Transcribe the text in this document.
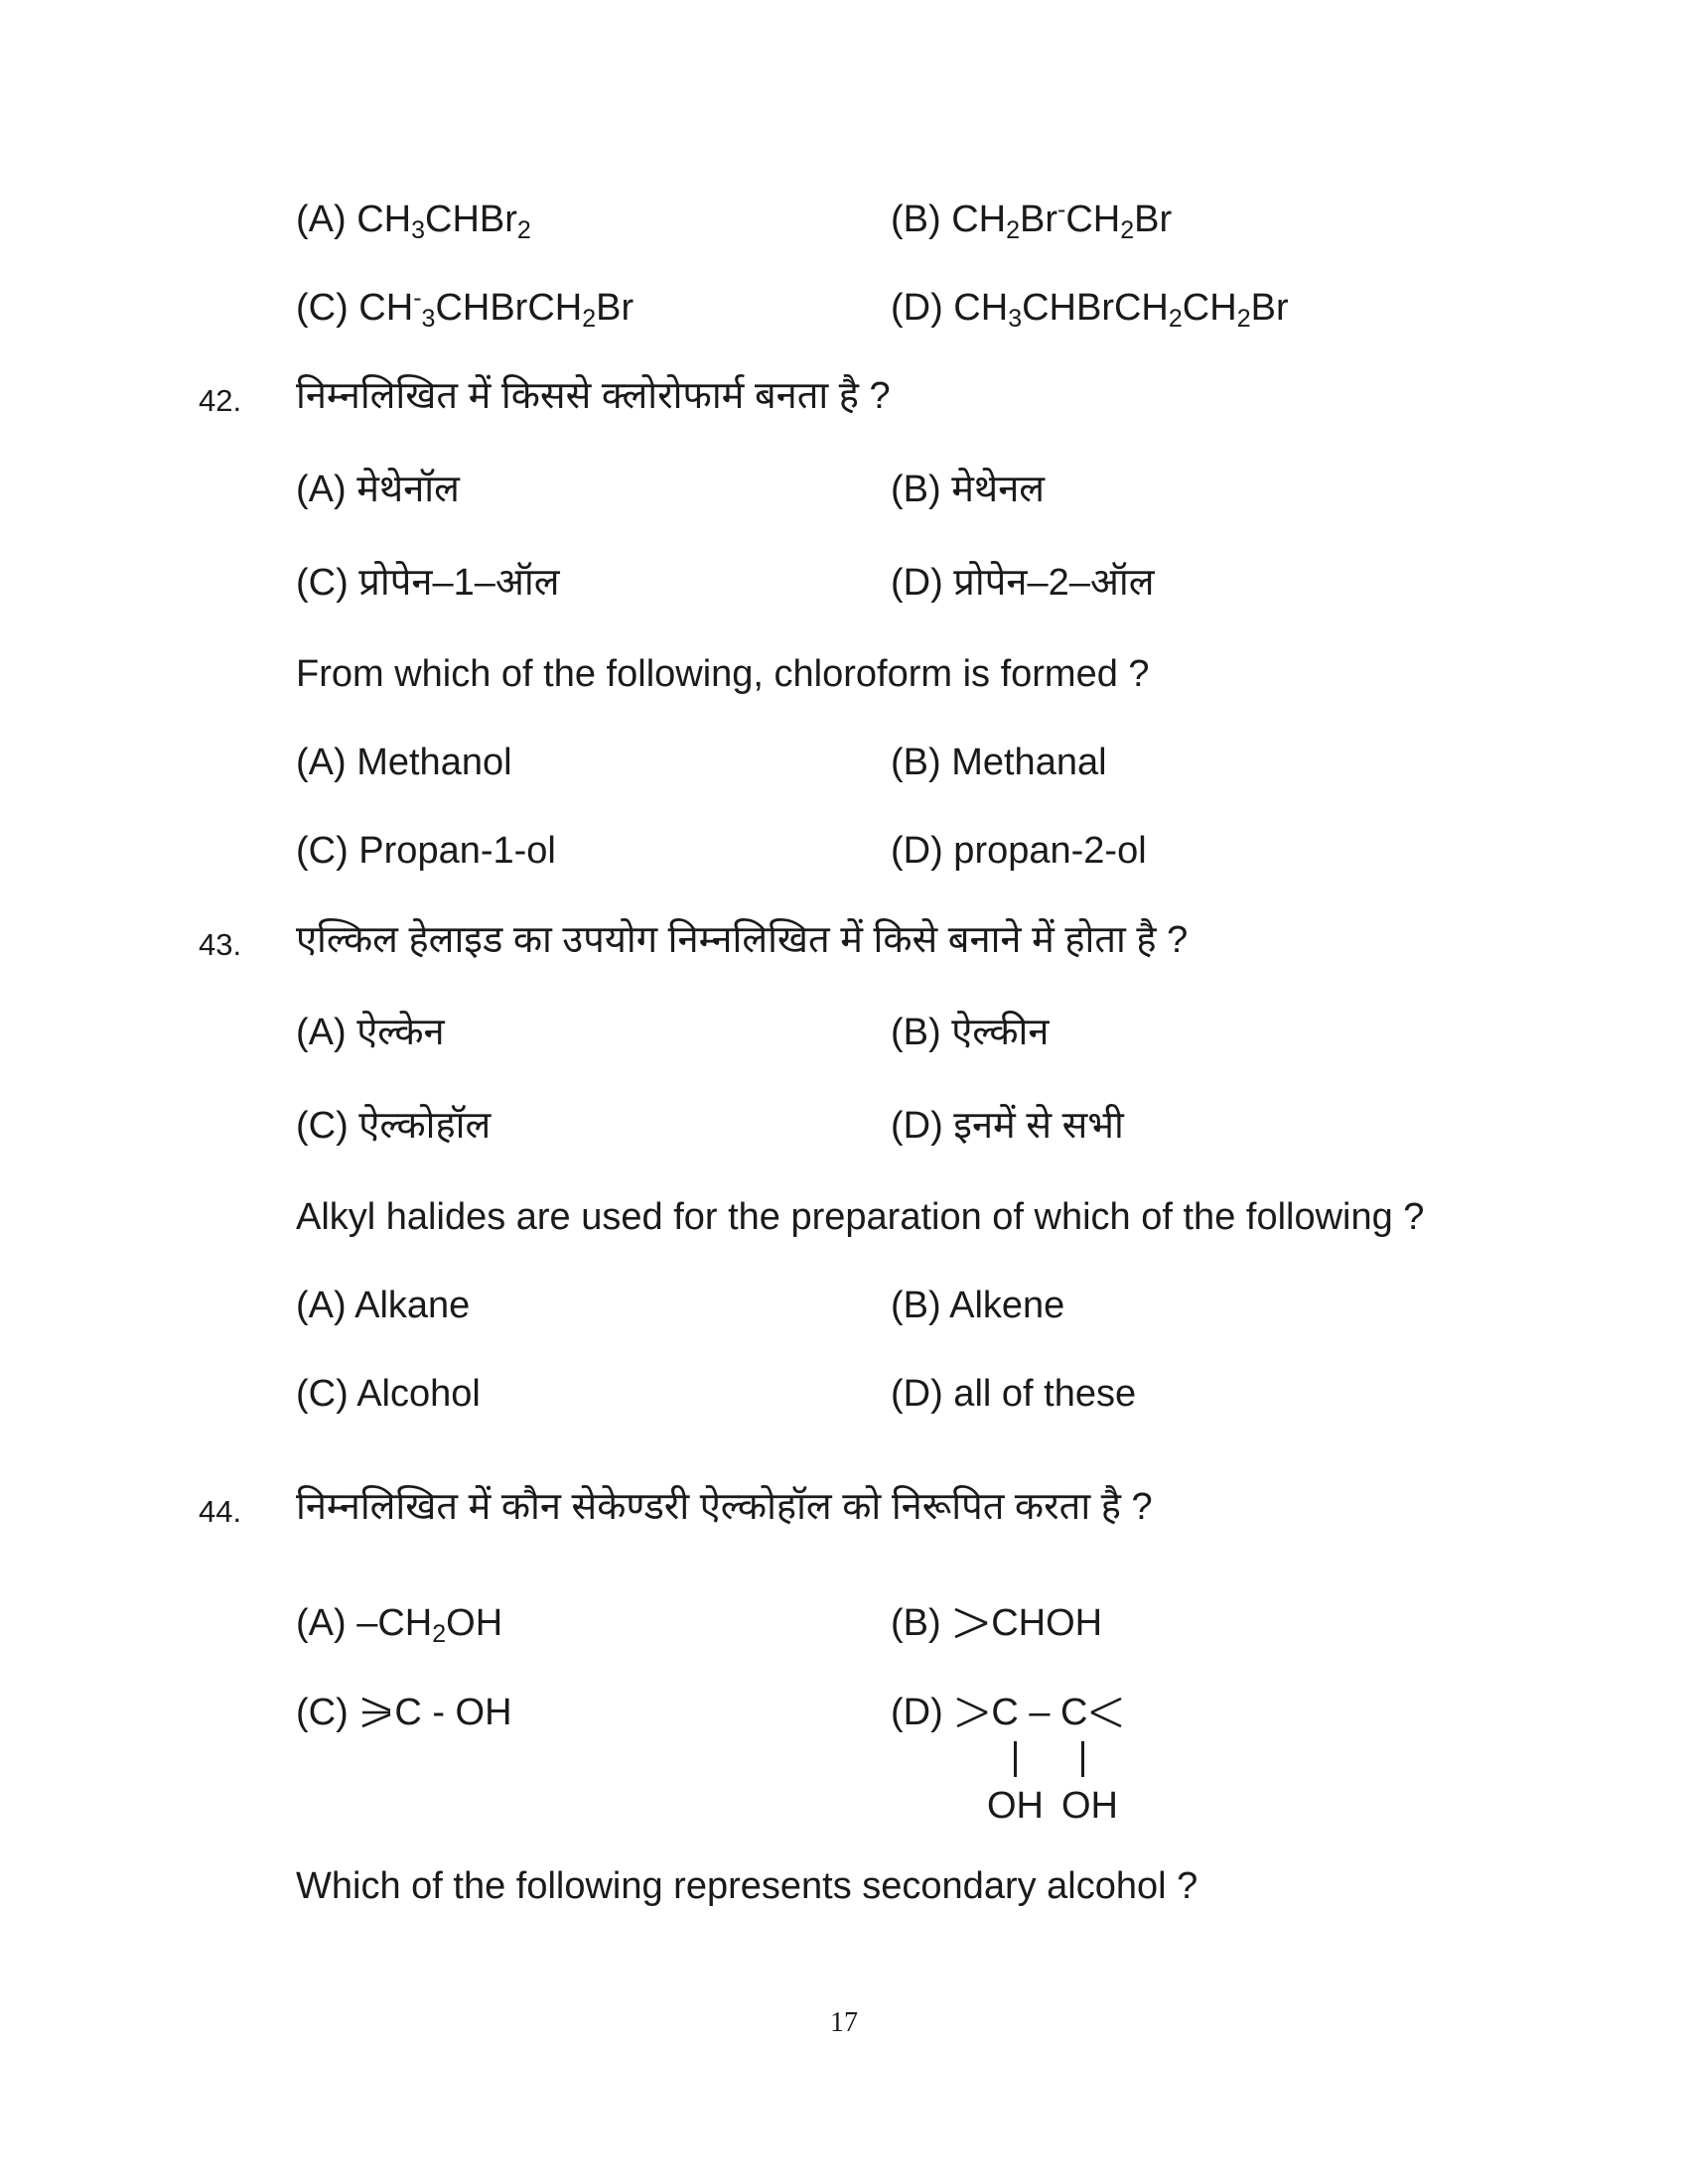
(A) $CH_3CHBr_2$	(B) $CH_2Br^-CH_2Br$
(C) $CH^-_3CHBrCH_2Br$	(D) $CH_3CHBrCH_2CH_2Br$
42. निम्नलिखित में किससे क्लोरोफार्म बनता है ?
(A) मेथेनॉल	(B) मेथेनल
(C) प्रोपेन–1–ऑल	(D) प्रोपेन–2–ऑल
From which of the following, chloroform is formed ?
(A) Methanol	(B) Methanal
(C) Propan-1-ol	(D) propan-2-ol
43. एल्किल हेलाइड का उपयोग निम्नलिखित में किसे बनाने में होता है ?
(A) ऐल्केन	(B) ऐल्कीन
(C) ऐल्कोहॉल	(D) इनमें से सभी
Alkyl halides are used for the preparation of which of the following ?
(A) Alkane	(B) Alkene
(C) Alcohol	(D) all of these
44. निम्नलिखित में कौन सेकेण्डरी ऐल्कोहॉल को निरूपित करता है ?
(A) $-CH_2OH$	(B) CHOH
(C) C - OH	(D) C – C
OH OH
Which of the following represents secondary alcohol ?
17
